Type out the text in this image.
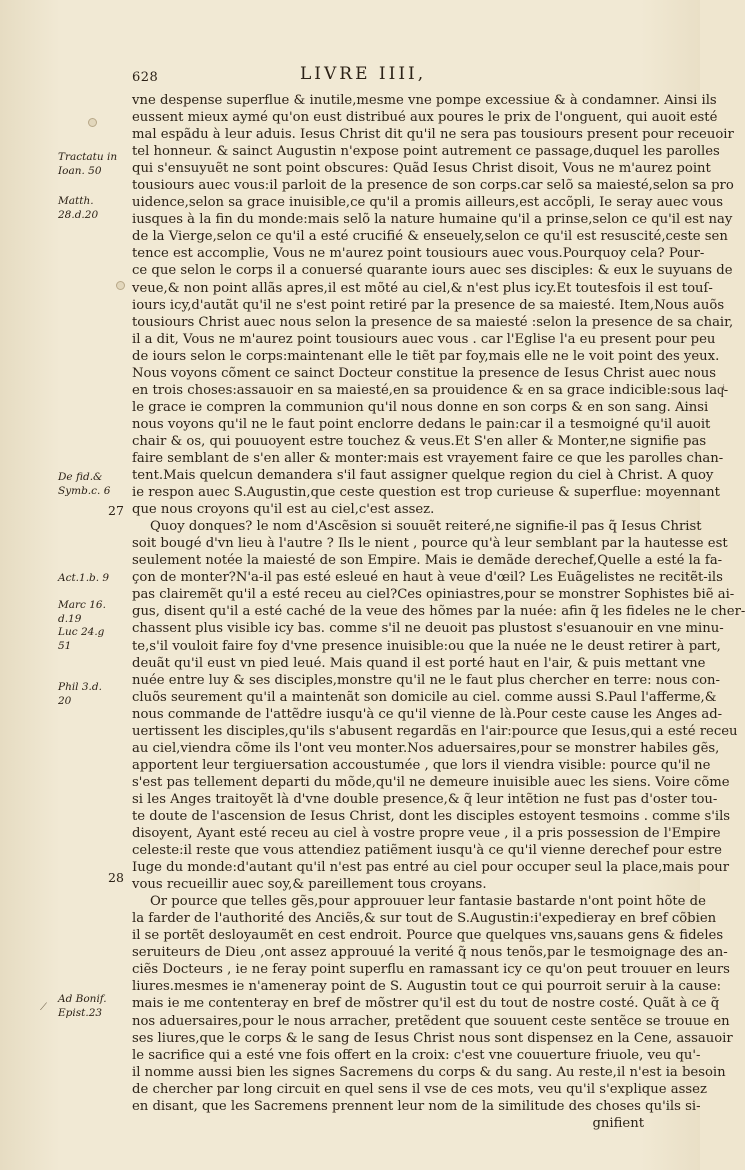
628	LIVRE IIII,
Tractatu in Ioan. 50
Matth. 28.d.20
De fid.& Symb.c. 6
Act.1.b. 9
Marc 16. d.19
Luc 24.g 51
Phil 3.d. 20
Ad Bonif. Epist.23
27
28
⟋
vne despense superflue & inutile,mesme vne pompe excessiue & à condamner. Ainsi ils
eussent mieux aymé qu'on eust distribué aux poures le prix de l'onguent, qui auoit esté
mal espãdu à leur aduis. Iesus Christ dit qu'il ne sera pas tousiours present pour receuoir
tel honneur. & sainct Augustin n'expose point autrement ce passage,duquel les parolles
qui s'ensuyuẽt ne sont point obscures: Quãd Iesus Christ disoit, Vous ne m'aurez point
tousiours auec vous:il parloit de la presence de son corps.car selõ sa maiesté,selon sa pro
uidence,selon sa grace inuisible,ce qu'il a promis ailleurs,est accõpli, Ie seray auec vous
iusques à la fin du monde:mais selõ la nature humaine qu'il a prinse,selon ce qu'il est nay
de la Vierge,selon ce qu'il a esté crucifié & enseuely,selon ce qu'il est resuscité,ceste sen
tence est accomplie, Vous ne m'aurez point tousiours auec vous.Pourquoy cela? Pour-
ce que selon le corps il a conuersé quarante iours auec ses disciples: & eux le suyuans de
veue,& non point allãs apres,il est mõté au ciel,& n'est plus icy.Et toutesfois il est touſ-
iours icy,d'autãt qu'il ne s'est point retiré par la presence de sa maiesté. Item,Nous auõs
tousiours Christ auec nous selon la presence de sa maiesté :selon la presence de sa chair,
il a dit, Vous ne m'aurez point tousiours auec vous . car l'Eglise l'a eu present pour peu
de iours selon le corps:maintenant elle le tiẽt par foy,mais elle ne le voit point des yeux.
Nous voyons cõment ce sainct Docteur constitue la presence de Iesus Christ auec nous
en trois choses:assauoir en sa maiesté,en sa prouidence & en sa grace indicible:sous laqͥ-
le grace ie compren la communion qu'il nous donne en son corps & en son sang. Ainsi
nous voyons qu'il ne le faut point enclorre dedans le pain:car il a tesmoigné qu'il auoit
chair & os, qui pouuoyent estre touchez & veus.Et S'en aller & Monter,ne signifie pas
faire semblant de s'en aller & monter:mais est vrayement faire ce que les parolles chan-
tent.Mais quelcun demandera s'il faut assigner quelque region du ciel à Christ. A quoy
ie respon auec S.Augustin,que ceste question est trop curieuse & superflue: moyennant
que nous croyons qu'il est au ciel,c'est assez.
Quoy donques? le nom d'Ascẽsion si souuẽt reiteré,ne signifie-il pas q̃ Iesus Christ
soit bougé d'vn lieu à l'autre ? Ils le nient , pource qu'à leur semblant par la hautesse est
seulement notée la maiesté de son Empire. Mais ie demãde derechef,Quelle a esté la fa-
çon de monter?N'a-il pas esté esleué en haut à veue d'œil? Les Euãgelistes ne recitẽt-ils
pas clairemẽt qu'il a esté receu au ciel?Ces opiniastres,pour se monstrer Sophistes biẽ ai-
gus, disent qu'il a esté caché de la veue des hõmes par la nuée: afin q̃ les fideles ne le cher-
chassent plus visible icy bas. comme s'il ne deuoit pas plustost s'esuanouir en vne minu-
te,s'il vouloit faire foy d'vne presence inuisible:ou que la nuée ne le deust retirer à part,
deuãt qu'il eust vn pied leué. Mais quand il est porté haut en l'air, & puis mettant vne
nuée entre luy & ses disciples,monstre qu'il ne le faut plus chercher en terre: nous con-
cluõs seurement qu'il a maintenãt son domicile au ciel. comme aussi S.Paul l'afferme,&
nous commande de l'attẽdre iusqu'à ce qu'il vienne de là.Pour ceste cause les Anges ad-
uertissent les disciples,qu'ils s'abusent regardãs en l'air:pource que Iesus,qui a esté receu
au ciel,viendra cõme ils l'ont veu monter.Nos aduersaires,pour se monstrer habiles gẽs,
apportent leur tergiuersation accoustumée , que lors il viendra visible: pource qu'il ne
s'est pas tellement departi du mõde,qu'il ne demeure inuisible auec les siens. Voire cõme
si les Anges traitoyẽt là d'vne double presence,& q̃ leur intẽtion ne fust pas d'oster tou-
te doute de l'ascension de Iesus Christ, dont les disciples estoyent tesmoins . comme s'ils
disoyent, Ayant esté receu au ciel à vostre propre veue , il a pris possession de l'Empire
celeste:il reste que vous attendiez patiẽment iusqu'à ce qu'il vienne derechef pour estre
Iuge du monde:d'autant qu'il n'est pas entré au ciel pour occuper seul la place,mais pour
vous recueillir auec soy,& pareillement tous croyans.
Or pource que telles gẽs,pour approuuer leur fantasie bastarde n'ont point hõte de
la farder de l'authorité des Anciẽs,& sur tout de S.Augustin:i'expedieray en bref cõbien
il se portẽt desloyaumẽt en cest endroit. Pource que quelques vns,sauans gens & fideles
seruiteurs de Dieu ,ont assez approuué la verité q̃ nous tenõs,par le tesmoignage des an-
ciẽs Docteurs , ie ne feray point superflu en ramassant icy ce qu'on peut trouuer en leurs
liures.mesmes ie n'ameneray point de S. Augustin tout ce qui pourroit seruir à la cause:
mais ie me contenteray en bref de mõstrer qu'il est du tout de nostre costé. Quãt à ce q̃
nos aduersaires,pour le nous arracher, pretẽdent que souuent ceste sentẽce se trouue en
ses liures,que le corps & le sang de Iesus Christ nous sont dispensez en la Cene, assauoir
le sacrifice qui a esté vne fois offert en la croix: c'est vne couuerture friuole, veu qu'-
il nomme aussi bien les signes Sacremens du corps & du sang. Au reste,il n'est ia besoin
de chercher par long circuit en quel sens il vse de ces mots, veu qu'il s'explique assez
en disant, que les Sacremens prennent leur nom de la similitude des choses qu'ils si-
gnifient
